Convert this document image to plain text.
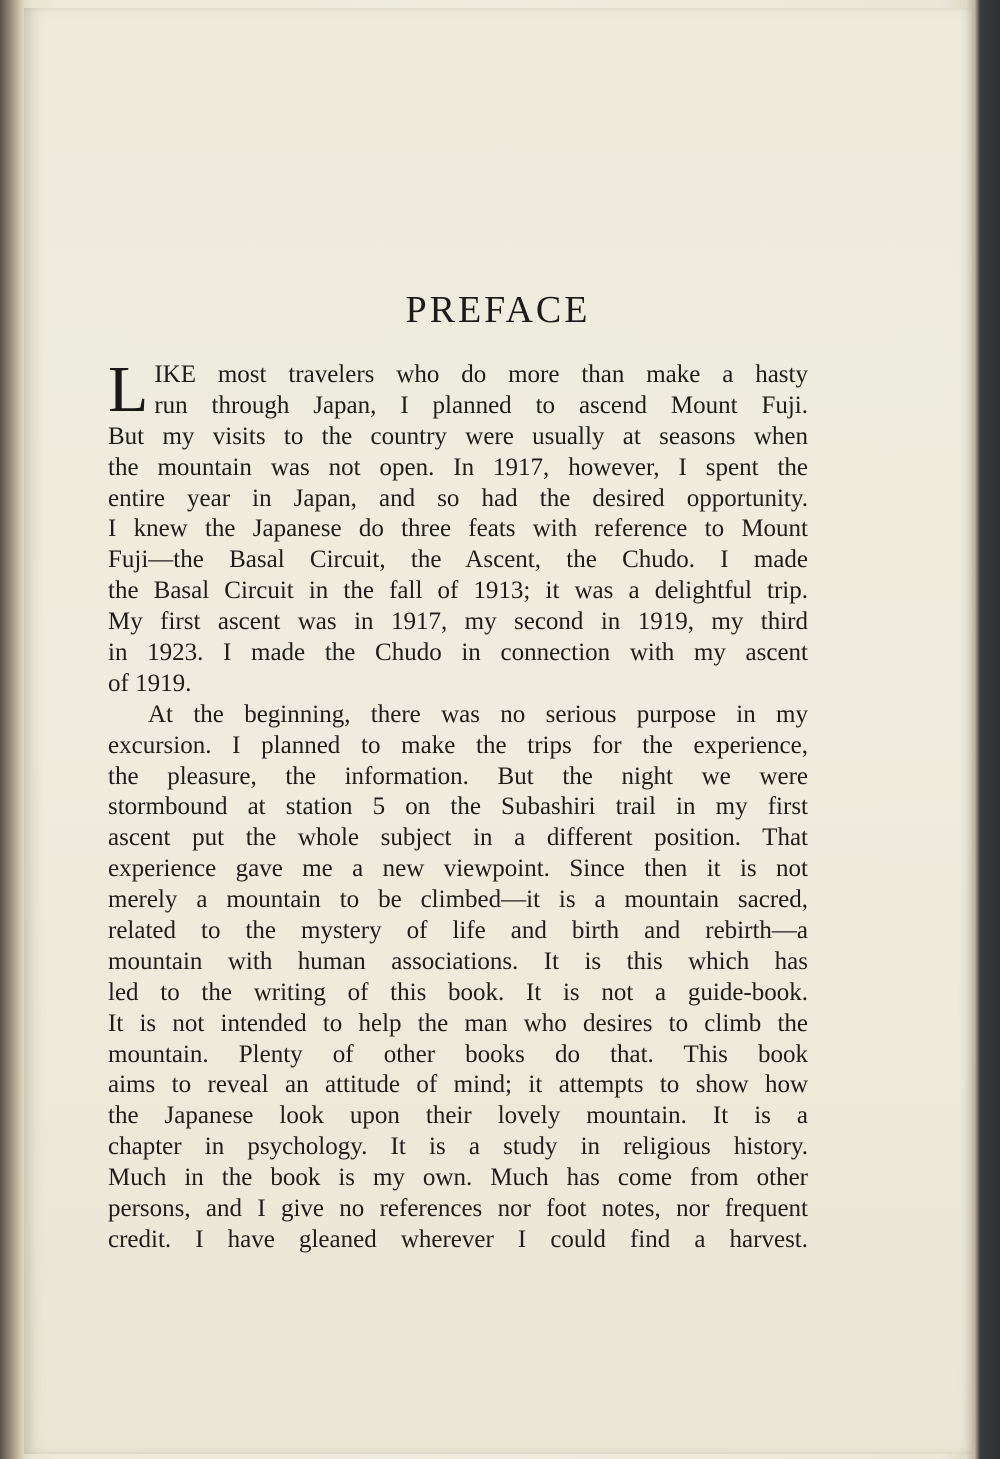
PREFACE
L IKE most travelers who do more than make a hasty
run through Japan, I planned to ascend Mount Fuji.
But my visits to the country were usually at seasons when
the mountain was not open. In 1917, however, I spent the
entire year in Japan, and so had the desired opportunity.
I knew the Japanese do three feats with reference to Mount
Fuji—the Basal Circuit, the Ascent, the Chudo. I made
the Basal Circuit in the fall of 1913; it was a delightful trip.
My first ascent was in 1917, my second in 1919, my third
in 1923. I made the Chudo in connection with my ascent
of 1919.
At the beginning, there was no serious purpose in my
excursion. I planned to make the trips for the experience,
the pleasure, the information. But the night we were
stormbound at station 5 on the Subashiri trail in my first
ascent put the whole subject in a different position. That
experience gave me a new viewpoint. Since then it is not
merely a mountain to be climbed—it is a mountain sacred,
related to the mystery of life and birth and rebirth—a
mountain with human associations. It is this which has
led to the writing of this book. It is not a guide-book.
It is not intended to help the man who desires to climb the
mountain. Plenty of other books do that. This book
aims to reveal an attitude of mind; it attempts to show how
the Japanese look upon their lovely mountain. It is a
chapter in psychology. It is a study in religious history.
Much in the book is my own. Much has come from other
persons, and I give no references nor foot notes, nor frequent
credit. I have gleaned wherever I could find a harvest.
